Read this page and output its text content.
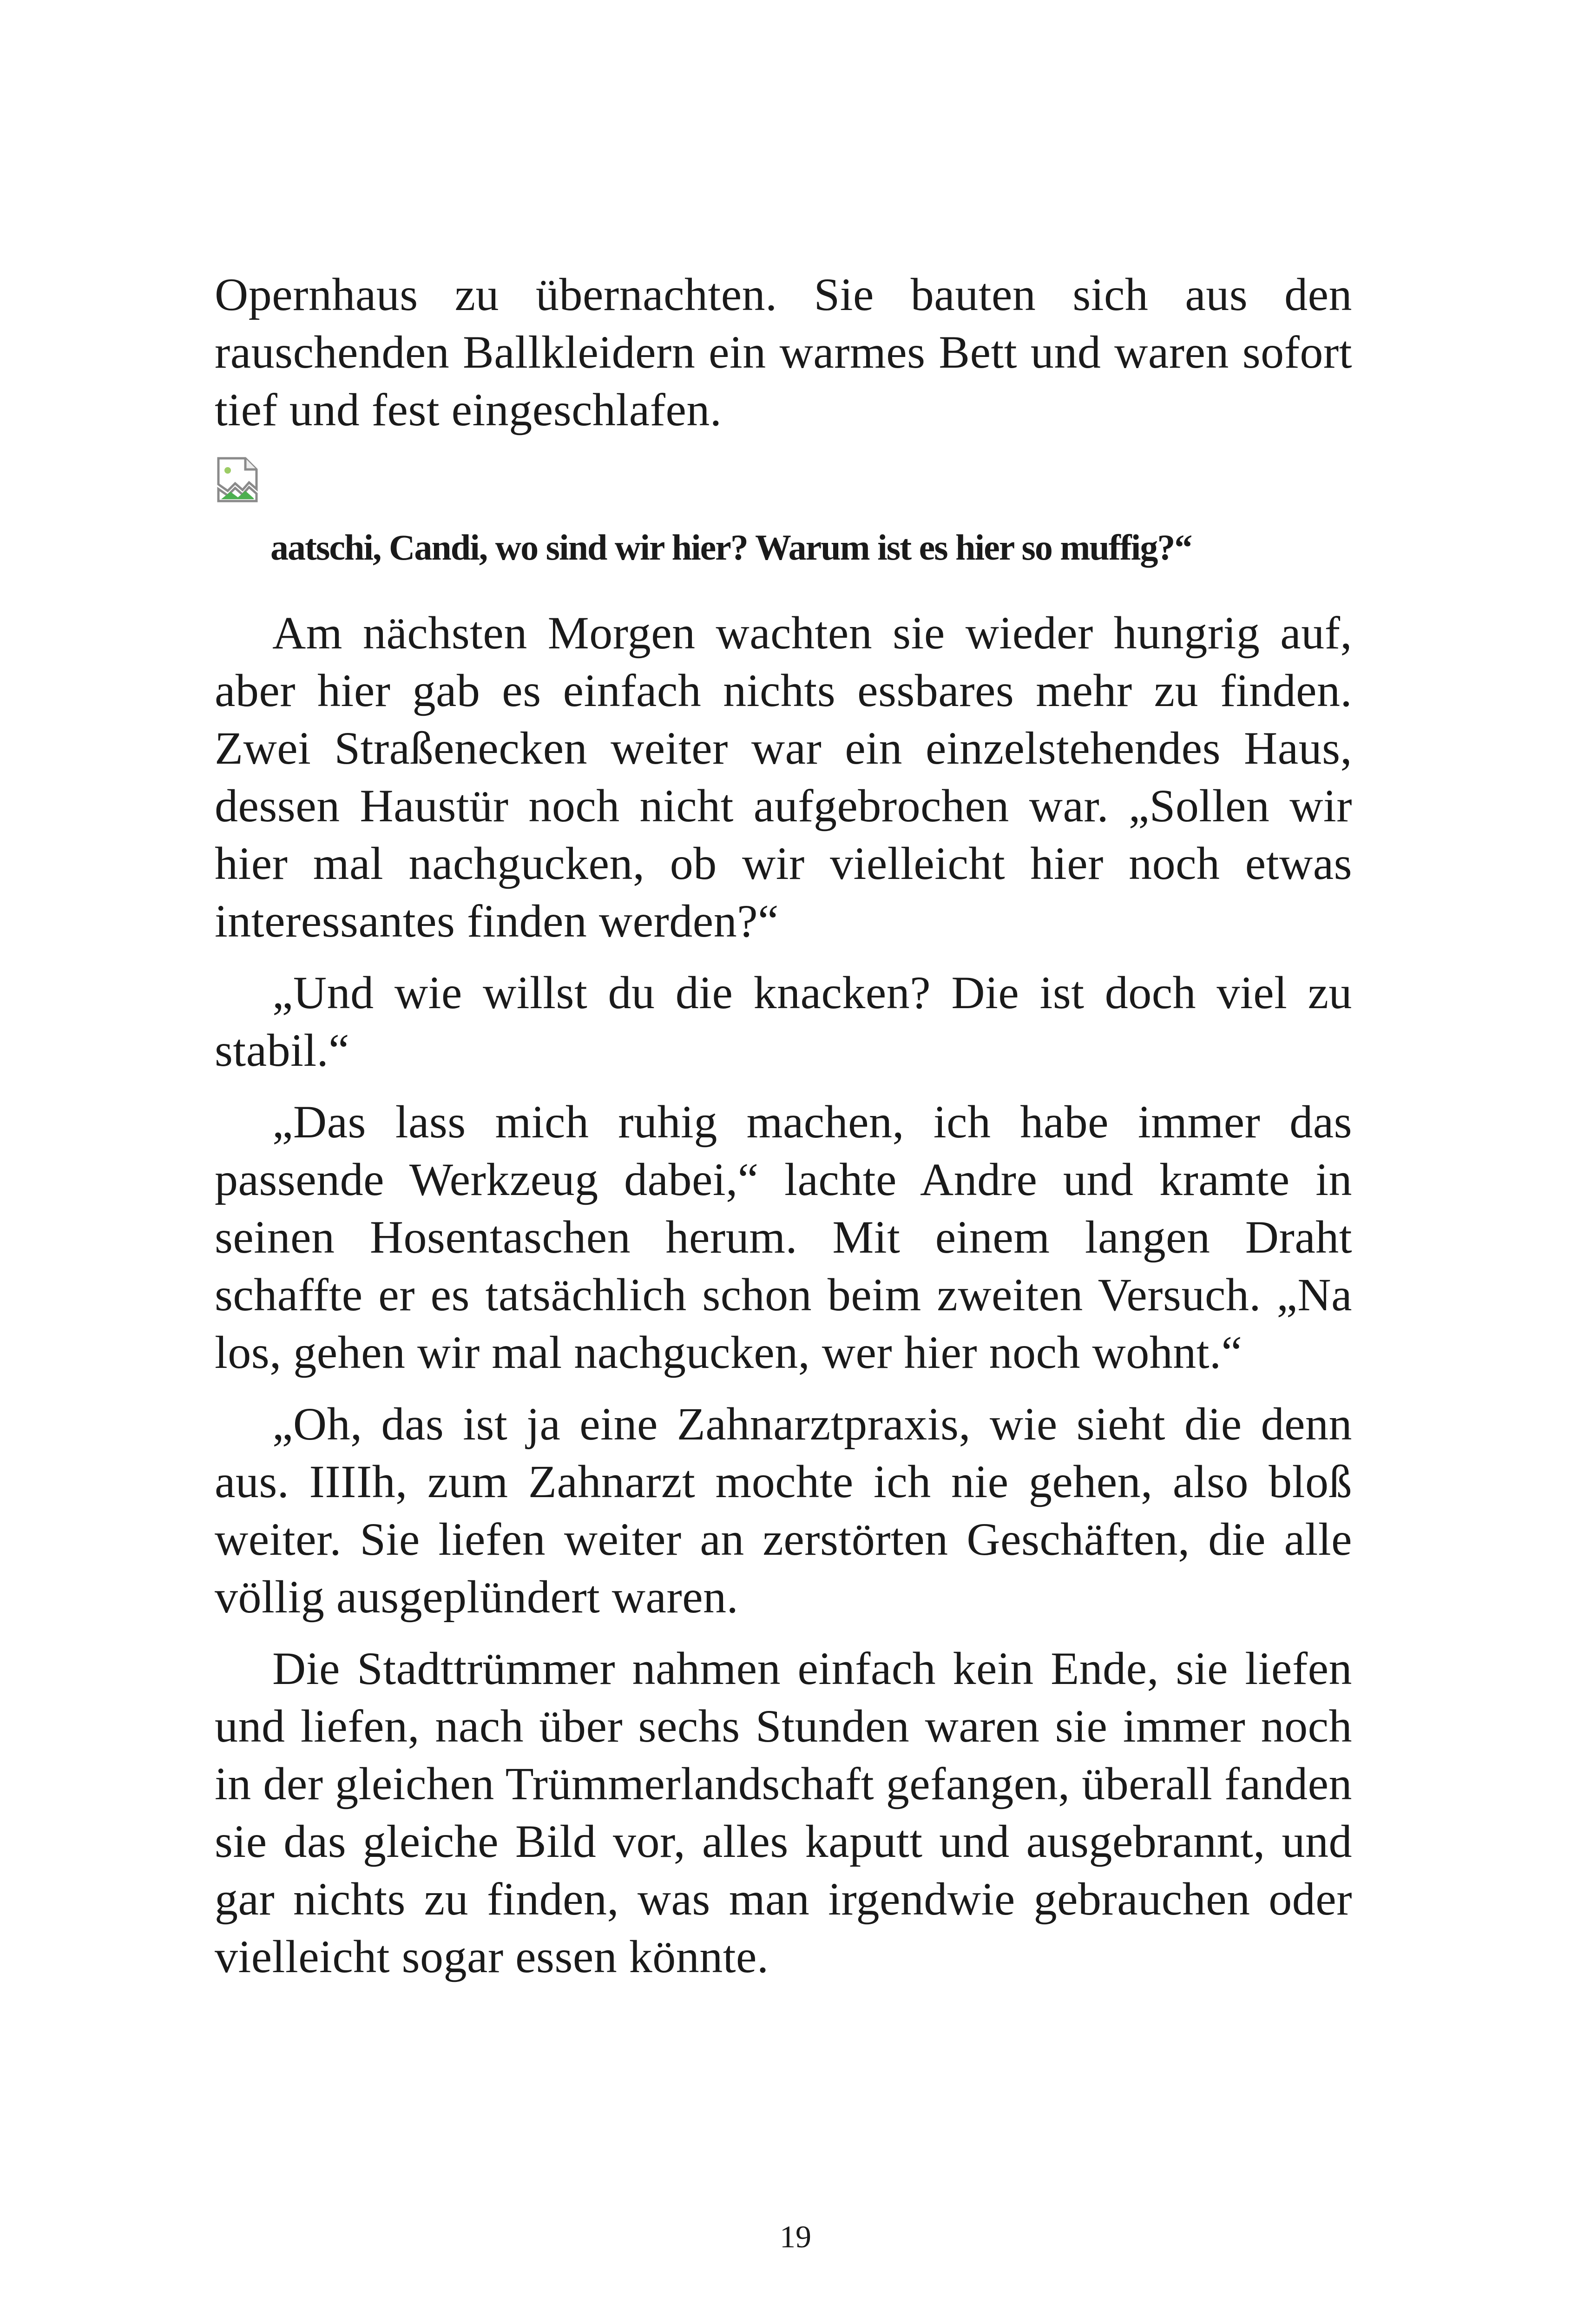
Opernhaus zu übernachten. Sie bauten sich aus den rauschenden Ballkleidern ein warmes Bett und waren sofort tief und fest eingeschlafen.

aatschi, Candi, wo sind wir hier? Warum ist es hier so muffig?“

Am nächsten Morgen wachten sie wieder hungrig auf, aber hier gab es einfach nichts essbares mehr zu finden. Zwei Straßenecken weiter war ein einzelstehendes Haus, dessen Haustür noch nicht aufgebrochen war. „Sollen wir hier mal nachgucken, ob wir vielleicht hier noch etwas interessantes finden werden?“

„Und wie willst du die knacken? Die ist doch viel zu stabil.“

„Das lass mich ruhig machen, ich habe immer das passende Werkzeug dabei,“ lachte Andre und kramte in seinen Hosentaschen herum. Mit einem langen Draht schaffte er es tatsächlich schon beim zweiten Versuch. „Na los, gehen wir mal nachgucken, wer hier noch wohnt.“

„Oh, das ist ja eine Zahnarztpraxis, wie sieht die denn aus. IIIIh, zum Zahnarzt mochte ich nie gehen, also bloß weiter. Sie liefen weiter an zerstörten Geschäften, die alle völlig ausgeplündert waren.

Die Stadttrümmer nahmen einfach kein Ende, sie liefen und liefen, nach über sechs Stunden waren sie immer noch in der gleichen Trümmerlandschaft gefangen, überall fanden sie das gleiche Bild vor, alles kaputt und ausgebrannt, und gar nichts zu finden, was man irgendwie gebrauchen oder vielleicht sogar essen könnte.

19
